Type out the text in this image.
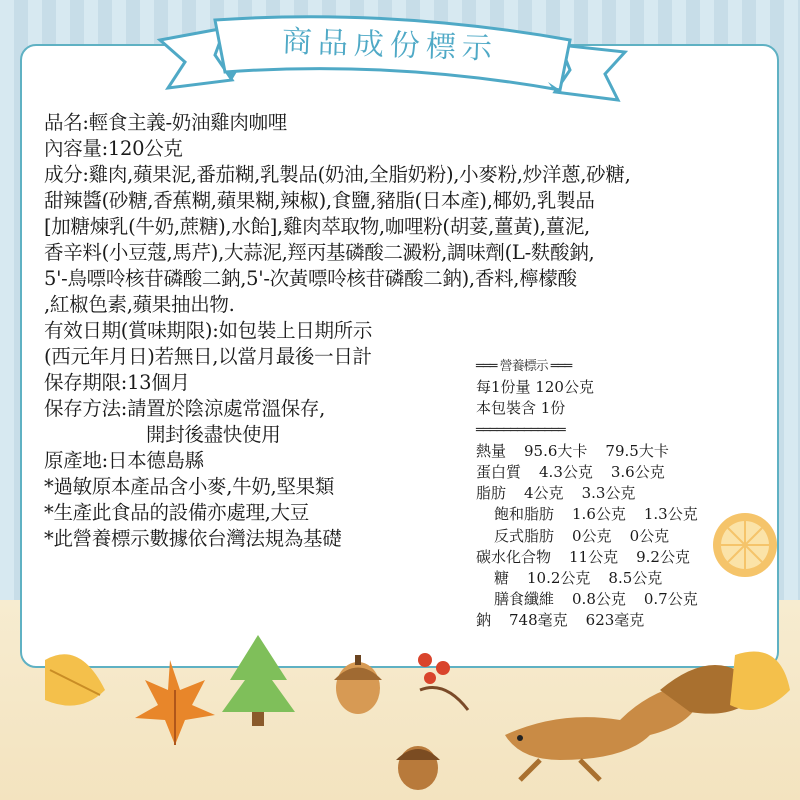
商品成份標示
品名:輕食主義-奶油雞肉咖哩
內容量:120公克
成分:雞肉,蘋果泥,番茄糊,乳製品(奶油,全脂奶粉),小麥粉,炒洋蔥,砂糖,
甜辣醬(砂糖,香蕉糊,蘋果糊,辣椒),食鹽,豬脂(日本產),椰奶,乳製品
[加糖煉乳(牛奶,蔗糖),水飴],雞肉萃取物,咖哩粉(胡荽,薑黃),薑泥,
香辛料(小豆蔻,馬芹),大蒜泥,羥丙基磷酸二澱粉,調味劑(L-麩酸鈉,
5'-鳥嘌呤核苷磷酸二鈉,5'-次黃嘌呤核苷磷酸二鈉),香料,檸檬酸
,紅椒色素,蘋果抽出物.
有效日期(賞味期限):如包裝上日期所示
(西元年月日)若無日,以當月最後一日計
保存期限:13個月
保存方法:請置於陰涼處常溫保存,
開封後盡快使用
原產地:日本德島縣
*過敏原本產品含小麥,牛奶,堅果類
*生產此食品的設備亦處理,大豆
*此營養標示數據依台灣法規為基礎
═══ 營養標示 ═══
每1份量 120公克
本包裝含 1份
═════════════
熱量 95.6大卡 79.5大卡
蛋白質 4.3公克 3.6公克
脂肪 4公克 3.3公克
飽和脂肪 1.6公克 1.3公克
反式脂肪 0公克 0公克
碳水化合物 11公克 9.2公克
糖 10.2公克 8.5公克
膳食纖維 0.8公克 0.7公克
鈉 748毫克 623毫克
